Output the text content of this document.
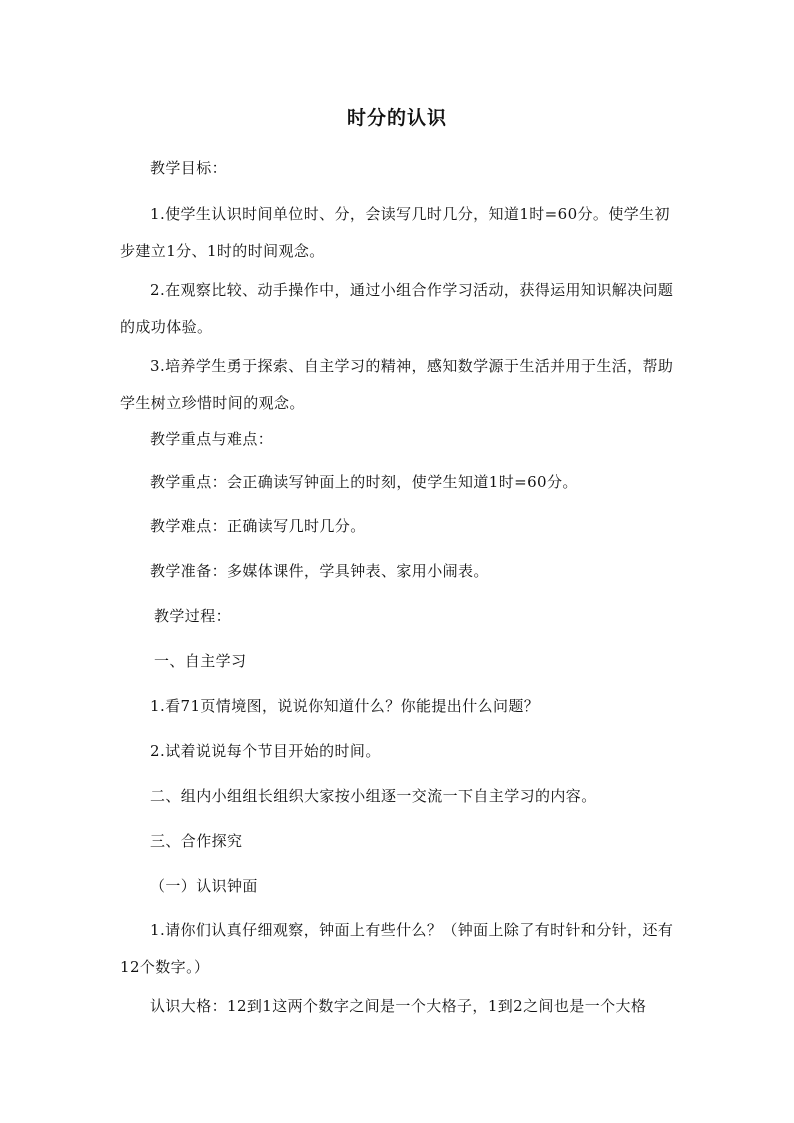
时分的认识
教学目标：
1.使学生认识时间单位时、分，会读写几时几分，知道1时=60分。使学生初步建立1分、1时的时间观念。
2.在观察比较、动手操作中，通过小组合作学习活动，获得运用知识解决问题的成功体验。
3.培养学生勇于探索、自主学习的精神，感知数学源于生活并用于生活，帮助学生树立珍惜时间的观念。
教学重点与难点：
教学重点：会正确读写钟面上的时刻，使学生知道1时=60分。
教学难点：正确读写几时几分。
教学准备：多媒体课件，学具钟表、家用小闹表。
教学过程：
一、自主学习
1.看71页情境图，说说你知道什么？你能提出什么问题？
2.试着说说每个节目开始的时间。
二、组内小组组长组织大家按小组逐一交流一下自主学习的内容。
三、合作探究
（一）认识钟面
1.请你们认真仔细观察，钟面上有些什么？（钟面上除了有时针和分针，还有12个数字。）
认识大格：12到1这两个数字之间是一个大格子，1到2之间也是一个大格
